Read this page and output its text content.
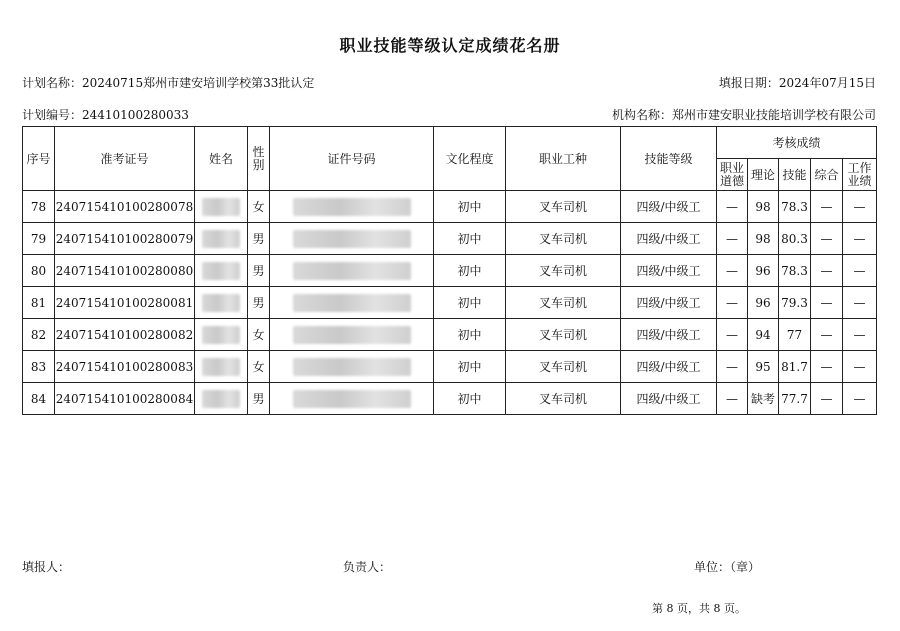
职业技能等级认定成绩花名册
计划名称：20240715郑州市建安培训学校第33批认定	填报日期：2024年07月15日
计划编号：24410100280033	机构名称：郑州市建安职业技能培训学校有限公司
序号	准考证号	姓名	性别	证件号码	文化程度	职业工种	技能等级	考核成绩				
								职业道德	理论	技能	综合	工作业绩
78	240715410100280078		女		初中	叉车司机	四级/中级工	—	98	78.3	—	—
79	240715410100280079		男		初中	叉车司机	四级/中级工	—	98	80.3	—	—
80	240715410100280080		男		初中	叉车司机	四级/中级工	—	96	78.3	—	—
81	240715410100280081		男		初中	叉车司机	四级/中级工	—	96	79.3	—	—
82	240715410100280082		女		初中	叉车司机	四级/中级工	—	94	77	—	—
83	240715410100280083		女		初中	叉车司机	四级/中级工	—	95	81.7	—	—
84	240715410100280084		男		初中	叉车司机	四级/中级工	—	缺考	77.7	—	—
填报人：	负责人：	单位：（章）
第 8 页，共 8 页。
